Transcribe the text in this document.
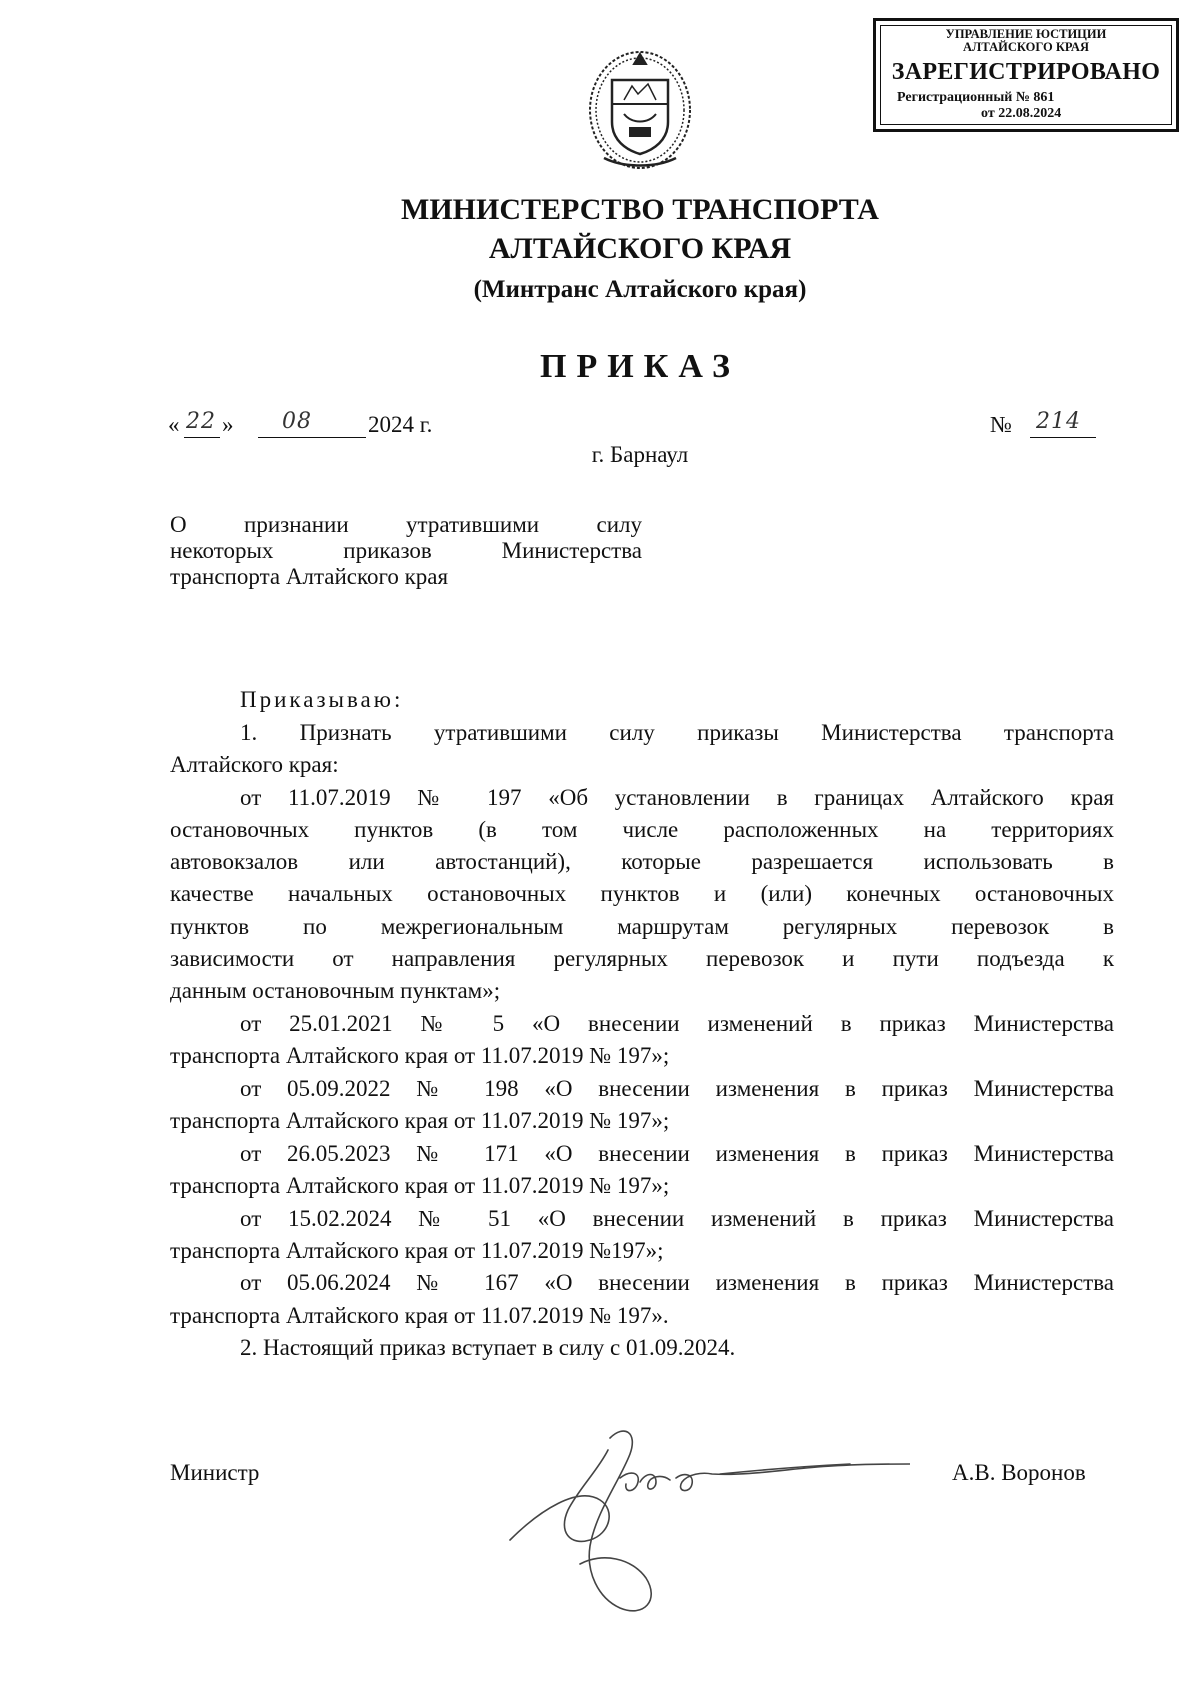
УПРАВЛЕНИЕ ЮСТИЦИИ
АЛТАЙСКОГО КРАЯ
ЗАРЕГИСТРИРОВАНО
Регистрационный № 861
от 22.08.2024
МИНИСТЕРСТВО ТРАНСПОРТА
АЛТАЙСКОГО КРАЯ
(Минтранс Алтайского края)
ПРИКАЗ
« 22 » 08 2024 г.	№ 214
г. Барнаул
О признании утратившими силу
некоторых приказов Министерства
транспорта Алтайского края
Приказываю:
1. Признать утратившими силу приказы Министерства транспорта
Алтайского края:
от 11.07.2019 № 197 «Об установлении в границах Алтайского края
остановочных пунктов (в том числе расположенных на территориях
автовокзалов или автостанций), которые разрешается использовать в
качестве начальных остановочных пунктов и (или) конечных остановочных
пунктов по межрегиональным маршрутам регулярных перевозок в
зависимости от направления регулярных перевозок и пути подъезда к
данным остановочным пунктам»;
от 25.01.2021 № 5 «О внесении изменений в приказ Министерства
транспорта Алтайского края от 11.07.2019 № 197»;
от 05.09.2022 № 198 «О внесении изменения в приказ Министерства
транспорта Алтайского края от 11.07.2019 № 197»;
от 26.05.2023 № 171 «О внесении изменения в приказ Министерства
транспорта Алтайского края от 11.07.2019 № 197»;
от 15.02.2024 № 51 «О внесении изменений в приказ Министерства
транспорта Алтайского края от 11.07.2019 №197»;
от 05.06.2024 № 167 «О внесении изменения в приказ Министерства
транспорта Алтайского края от 11.07.2019 № 197».
2. Настоящий приказ вступает в силу с 01.09.2024.
Министр	А.В. Воронов
